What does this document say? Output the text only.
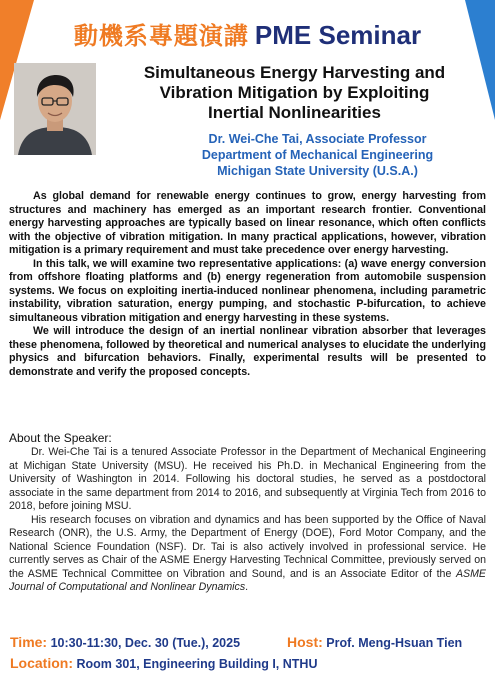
動機系專題演講 PME Seminar
Simultaneous Energy Harvesting and
Vibration Mitigation by Exploiting
Inertial Nonlinearities
Dr. Wei-Che Tai, Associate Professor
Department of Mechanical Engineering
Michigan State University (U.S.A.)

As global demand for renewable energy continues to grow, energy harvesting from structures and machinery has emerged as an important research frontier. Conventional energy harvesting approaches are typically based on linear resonance, which often conflicts with the objective of vibration mitigation. In many practical applications, however, vibration mitigation is a primary requirement and must take precedence over energy harvesting.

In this talk, we will examine two representative applications: (a) wave energy conversion from offshore floating platforms and (b) energy regeneration from automobile suspension systems. We focus on exploiting inertia-induced nonlinear phenomena, including parametric instability, vibration saturation, energy pumping, and stochastic P-bifurcation, to achieve simultaneous vibration mitigation and energy harvesting in these systems.

We will introduce the design of an inertial nonlinear vibration absorber that leverages these phenomena, followed by theoretical and numerical analyses to elucidate the underlying physics and bifurcation behaviors. Finally, experimental results will be presented to demonstrate and verify the proposed concepts.

About the Speaker:

Dr. Wei-Che Tai is a tenured Associate Professor in the Department of Mechanical Engineering at Michigan State University (MSU). He received his Ph.D. in Mechanical Engineering from the University of Washington in 2014. Following his doctoral studies, he served as a postdoctoral associate in the same department from 2014 to 2016, and subsequently at Virginia Tech from 2016 to 2018, before joining MSU.

His research focuses on vibration and dynamics and has been supported by the Office of Naval Research (ONR), the U.S. Army, the Department of Energy (DOE), Ford Motor Company, and the National Science Foundation (NSF). Dr. Tai is also actively involved in professional service. He currently serves as Chair of the ASME Energy Harvesting Technical Committee, previously served on the ASME Technical Committee on Vibration and Sound, and is an Associate Editor of the ASME Journal of Computational and Nonlinear Dynamics.

Time: 10:30-11:30, Dec. 30 (Tue.), 2025	Host: Prof. Meng-Hsuan Tien
Location: Room 301, Engineering Building I, NTHU
